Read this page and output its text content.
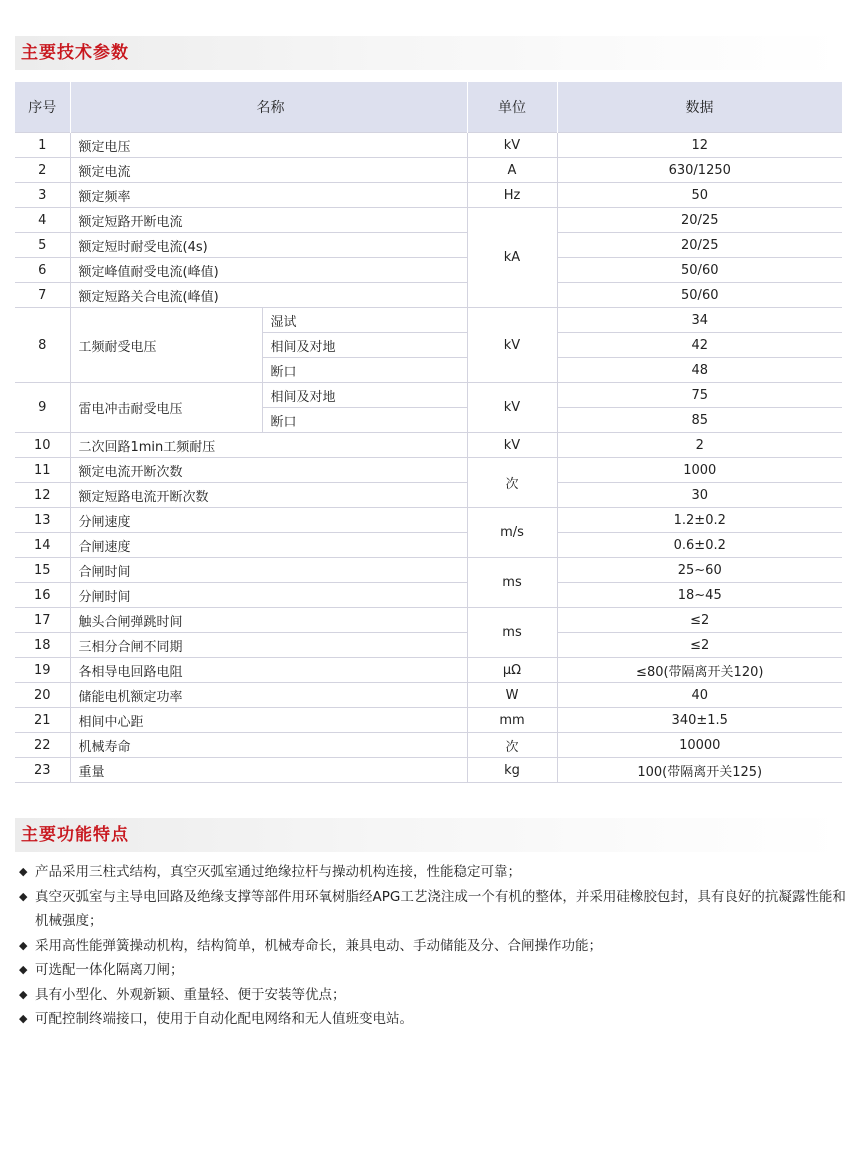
主要技术参数
序号	名称		单位	数据
1	额定电压		kV	12
2	额定电流		A	630/1250
3	额定频率		Hz	50
4	额定短路开断电流		kA	20/25
5	额定短时耐受电流(4s)			20/25
6	额定峰值耐受电流(峰值)			50/60
7	额定短路关合电流(峰值)			50/60
8	工频耐受电压	湿试	kV	34
		相间及对地		42
		断口		48
9	雷电冲击耐受电压	相间及对地	kV	75
		断口		85
10	二次回路1min工频耐压		kV	2
11	额定电流开断次数		次	1000
12	额定短路电流开断次数			30
13	分闸速度		m/s	1.2±0.2
14	合闸速度			0.6±0.2
15	合闸时间		ms	25~60
16	分闸时间			18~45
17	触头合闸弹跳时间		ms	≤2
18	三相分合闸不同期			≤2
19	各相导电回路电阻		μΩ	≤80(带隔离开关120)
20	储能电机额定功率		W	40
21	相间中心距		mm	340±1.5
22	机械寿命		次	10000
23	重量		kg	100(带隔离开关125)
主要功能特点
◆ 产品采用三柱式结构，真空灭弧室通过绝缘拉杆与操动机构连接，性能稳定可靠；
◆ 真空灭弧室与主导电回路及绝缘支撑等部件用环氧树脂经APG工艺浇注成一个有机的整体，并采用硅橡胶包封，具有良好的抗凝露性能和机械强度；
◆ 采用高性能弹簧操动机构，结构简单，机械寿命长，兼具电动、手动储能及分、合闸操作功能；
◆ 可选配一体化隔离刀闸；
◆ 具有小型化、外观新颖、重量轻、便于安装等优点；
◆ 可配控制终端接口，使用于自动化配电网络和无人值班变电站。
